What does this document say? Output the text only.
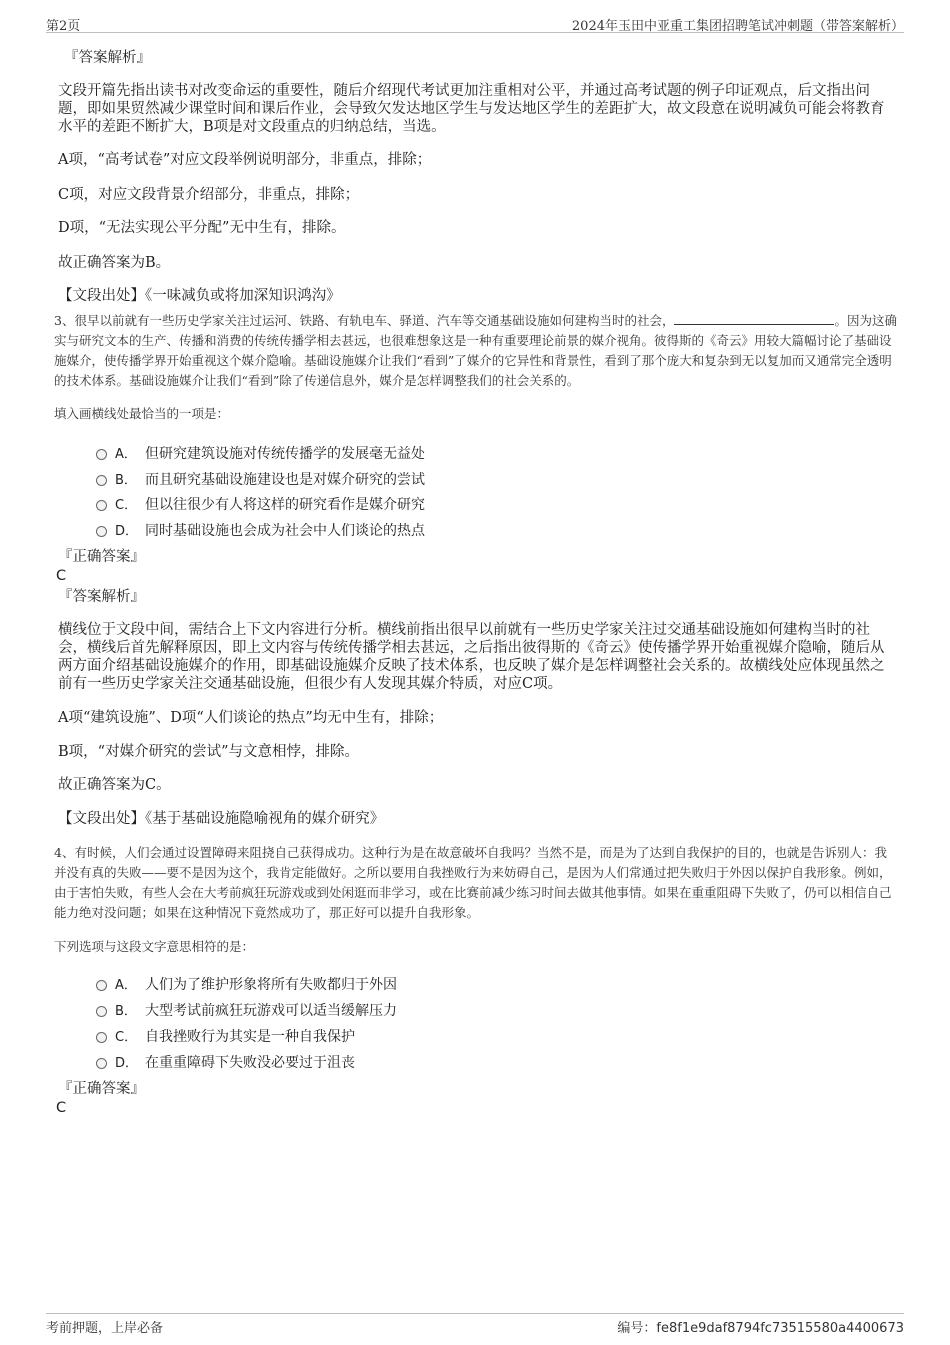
第2页	2024年玉田中亚重工集团招聘笔试冲刺题（带答案解析）
『答案解析』
文段开篇先指出读书对改变命运的重要性，随后介绍现代考试更加注重相对公平，并通过高考试题的例子印证观点，后文指出问题，即如果贸然减少课堂时间和课后作业，会导致欠发达地区学生与发达地区学生的差距扩大，故文段意在说明减负可能会将教育水平的差距不断扩大，B项是对文段重点的归纳总结，当选。
A项，“高考试卷”对应文段举例说明部分，非重点，排除；
C项，对应文段背景介绍部分，非重点，排除；
D项，“无法实现公平分配”无中生有，排除。
故正确答案为B。
【文段出处】《一味减负或将加深知识鸿沟》
3、很早以前就有一些历史学家关注过运河、铁路、有轨电车、驿道、汽车等交通基础设施如何建构当时的社会，	。因为这确实与研究文本的生产、传播和消费的传统传播学相去甚远，也很难想象这是一种有重要理论前景的媒介视角。彼得斯的《奇云》用较大篇幅讨论了基础设施媒介，使传播学界开始重视这个媒介隐喻。基础设施媒介让我们“看到”了媒介的它异性和背景性，看到了那个庞大和复杂到无以复加而又通常完全透明的技术体系。基础设施媒介让我们“看到”除了传递信息外，媒介是怎样调整我们的社会关系的。
填入画横线处最恰当的一项是：
A． 但研究建筑设施对传统传播学的发展毫无益处
B． 而且研究基础设施建设也是对媒介研究的尝试
C． 但以往很少有人将这样的研究看作是媒介研究
D． 同时基础设施也会成为社会中人们谈论的热点
『正确答案』
C
『答案解析』
横线位于文段中间，需结合上下文内容进行分析。横线前指出很早以前就有一些历史学家关注过交通基础设施如何建构当时的社会，横线后首先解释原因，即上文内容与传统传播学相去甚远，之后指出彼得斯的《奇云》使传播学界开始重视媒介隐喻，随后从两方面介绍基础设施媒介的作用，即基础设施媒介反映了技术体系，也反映了媒介是怎样调整社会关系的。故横线处应体现虽然之前有一些历史学家关注交通基础设施，但很少有人发现其媒介特质，对应C项。
A项“建筑设施”、D项“人们谈论的热点”均无中生有，排除；
B项，“对媒介研究的尝试”与文意相悖，排除。
故正确答案为C。
【文段出处】《基于基础设施隐喻视角的媒介研究》
4、有时候，人们会通过设置障碍来阻挠自己获得成功。这种行为是在故意破坏自我吗？当然不是，而是为了达到自我保护的目的，也就是告诉别人：我并没有真的失败——要不是因为这个，我肯定能做好。之所以要用自我挫败行为来妨碍自己，是因为人们常通过把失败归于外因以保护自我形象。例如，由于害怕失败，有些人会在大考前疯狂玩游戏或到处闲逛而非学习，或在比赛前减少练习时间去做其他事情。如果在重重阻碍下失败了，仍可以相信自己能力绝对没问题；如果在这种情况下竟然成功了，那正好可以提升自我形象。
下列选项与这段文字意思相符的是：
A． 人们为了维护形象将所有失败都归于外因
B． 大型考试前疯狂玩游戏可以适当缓解压力
C． 自我挫败行为其实是一种自我保护
D． 在重重障碍下失败没必要过于沮丧
『正确答案』
C
考前押题，上岸必备	编号：fe8f1e9daf8794fc73515580a4400673
